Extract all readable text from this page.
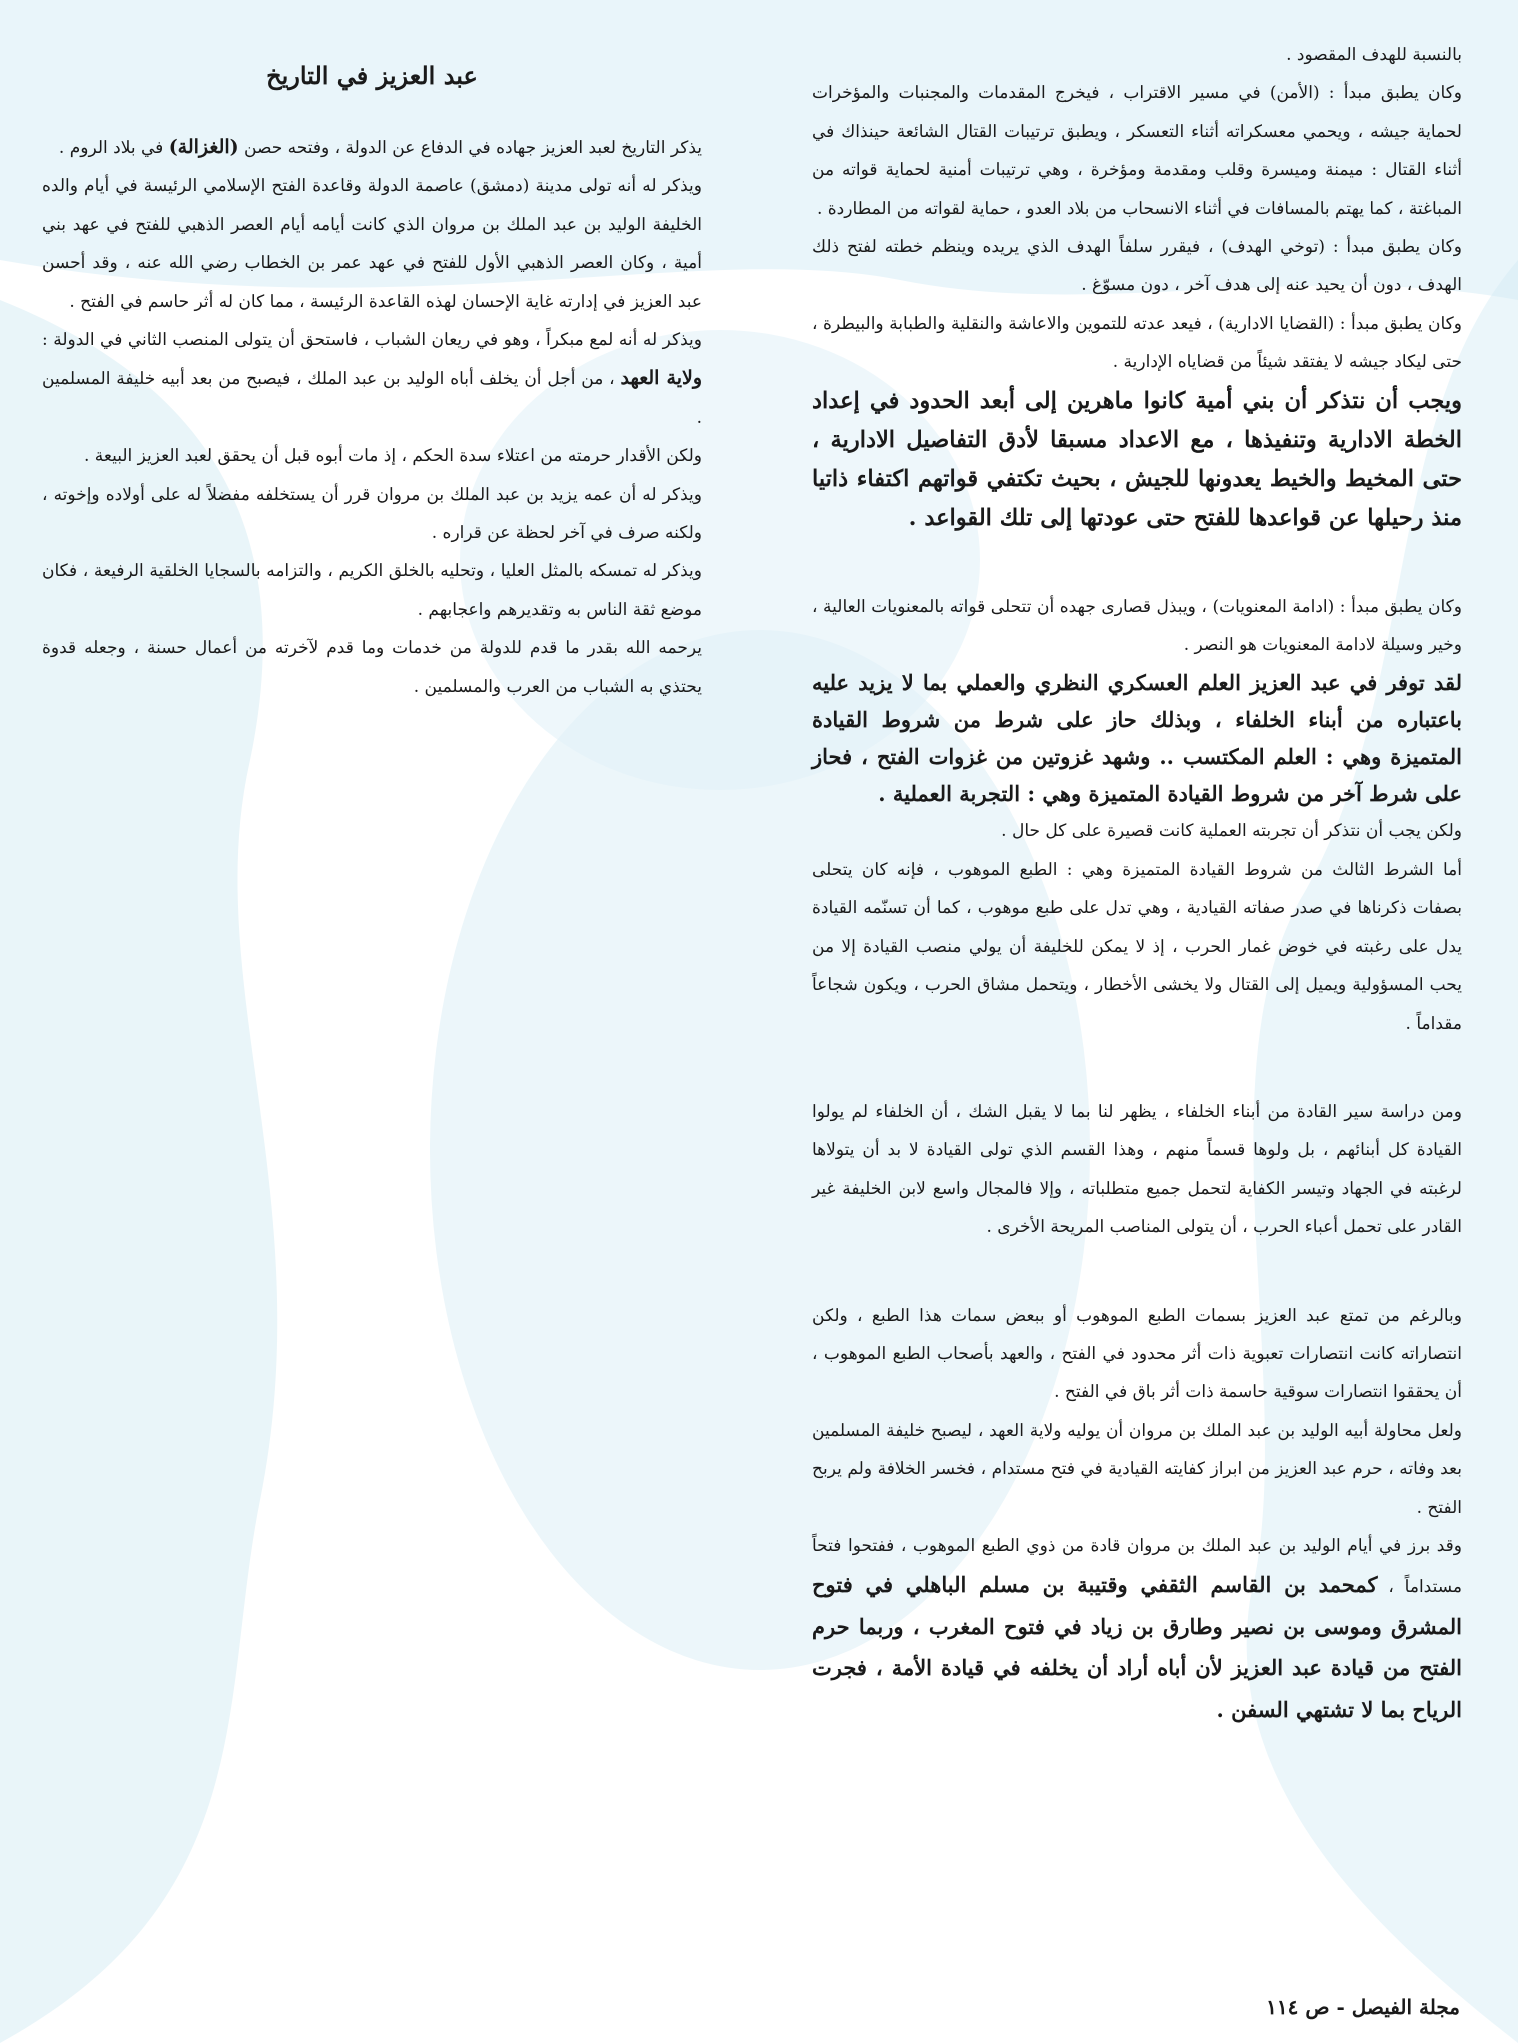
بالنسبة للهدف المقصود .

وكان يطبق مبدأ : (الأمن) في مسير الاقتراب ، فيخرج المقدمات والمجنبات والمؤخرات لحماية جيشه ، ويحمي معسكراته أثناء التعسكر ، ويطبق ترتيبات القتال الشائعة حينذاك في أثناء القتال : ميمنة وميسرة وقلب ومقدمة ومؤخرة ، وهي ترتيبات أمنية لحماية قواته من المباغتة ، كما يهتم بالمسافات في أثناء الانسحاب من بلاد العدو ، حماية لقواته من المطاردة .

وكان يطبق مبدأ : (توخي الهدف) ، فيقرر سلفاً الهدف الذي يريده وينظم خطته لفتح ذلك الهدف ، دون أن يحيد عنه إلى هدف آخر ، دون مسوّغ .

وكان يطبق مبدأ : (القضايا الادارية) ، فيعد عدته للتموين والاعاشة والنقلية والطبابة والبيطرة ، حتى ليكاد جيشه لا يفتقد شيئاً من قضاياه الإدارية .

ويجب أن نتذكر أن بني أمية كانوا ماهرين إلى أبعد الحدود في إعداد الخطة الادارية وتنفيذها ، مع الاعداد مسبقا لأدق التفاصيل الادارية ، حتى المخيط والخيط يعدونها للجيش ، بحيث تكتفي قواتهم اكتفاء ذاتيا منذ رحيلها عن قواعدها للفتح حتى عودتها إلى تلك القواعد .

وكان يطبق مبدأ : (ادامة المعنويات) ، ويبذل قصارى جهده أن تتحلى قواته بالمعنويات العالية ، وخير وسيلة لادامة المعنويات هو النصر .

لقد توفر في عبد العزيز العلم العسكري النظري والعملي بما لا يزيد عليه باعتباره من أبناء الخلفاء ، وبذلك حاز على شرط من شروط القيادة المتميزة وهي : العلم المكتسب .. وشهد غزوتين من غزوات الفتح ، فحاز على شرط آخر من شروط القيادة المتميزة وهي : التجربة العملية .

ولكن يجب أن نتذكر أن تجربته العملية كانت قصيرة على كل حال .

أما الشرط الثالث من شروط القيادة المتميزة وهي : الطبع الموهوب ، فإنه كان يتحلى بصفات ذكرناها في صدر صفاته القيادية ، وهي تدل على طبع موهوب ، كما أن تسنّمه القيادة يدل على رغبته في خوض غمار الحرب ، إذ لا يمكن للخليفة أن يولي منصب القيادة إلا من يحب المسؤولية ويميل إلى القتال ولا يخشى الأخطار ، ويتحمل مشاق الحرب ، ويكون شجاعاً مقداماً .

ومن دراسة سير القادة من أبناء الخلفاء ، يظهر لنا بما لا يقبل الشك ، أن الخلفاء لم يولوا القيادة كل أبنائهم ، بل ولوها قسماً منهم ، وهذا القسم الذي تولى القيادة لا بد أن يتولاها لرغبته في الجهاد وتيسر الكفاية لتحمل جميع متطلباته ، وإلا فالمجال واسع لابن الخليفة غير القادر على تحمل أعباء الحرب ، أن يتولى المناصب المريحة الأخرى .

وبالرغم من تمتع عبد العزيز بسمات الطبع الموهوب أو ببعض سمات هذا الطبع ، ولكن انتصاراته كانت انتصارات تعبوية ذات أثر محدود في الفتح ، والعهد بأصحاب الطبع الموهوب ، أن يحققوا انتصارات سوقية حاسمة ذات أثر باق في الفتح .

ولعل محاولة أبيه الوليد بن عبد الملك بن مروان أن يوليه ولاية العهد ، ليصبح خليفة المسلمين بعد وفاته ، حرم عبد العزيز من ابراز كفايته القيادية في فتح مستدام ، فخسر الخلافة ولم يربح الفتح .

وقد برز في أيام الوليد بن عبد الملك بن مروان قادة من ذوي الطبع الموهوب ، ففتحوا فتحاً مستداماً ، كمحمد بن القاسم الثقفي وقتيبة بن مسلم الباهلي في فتوح المشرق وموسى بن نصير وطارق بن زياد في فتوح المغرب ، وربما حرم الفتح من قيادة عبد العزيز لأن أباه أراد أن يخلفه في قيادة الأمة ، فجرت الرياح بما لا تشتهي السفن .

عبد العزيز في التاريخ

يذكر التاريخ لعبد العزيز جهاده في الدفاع عن الدولة ، وفتحه حصن (الغزالة) في بلاد الروم .

ويذكر له أنه تولى مدينة (دمشق) عاصمة الدولة وقاعدة الفتح الإسلامي الرئيسة في أيام والده الخليفة الوليد بن عبد الملك بن مروان الذي كانت أيامه أيام العصر الذهبي للفتح في عهد بني أمية ، وكان العصر الذهبي الأول للفتح في عهد عمر بن الخطاب رضي الله عنه ، وقد أحسن عبد العزيز في إدارته غاية الإحسان لهذه القاعدة الرئيسة ، مما كان له أثر حاسم في الفتح .

ويذكر له أنه لمع مبكراً ، وهو في ريعان الشباب ، فاستحق أن يتولى المنصب الثاني في الدولة : ولاية العهد ، من أجل أن يخلف أباه الوليد بن عبد الملك ، فيصبح من بعد أبيه خليفة المسلمين .

ولكن الأقدار حرمته من اعتلاء سدة الحكم ، إذ مات أبوه قبل أن يحقق لعبد العزيز البيعة .

ويذكر له أن عمه يزيد بن عبد الملك بن مروان قرر أن يستخلفه مفضلاً له على أولاده وإخوته ، ولكنه صرف في آخر لحظة عن قراره .

ويذكر له تمسكه بالمثل العليا ، وتحليه بالخلق الكريم ، والتزامه بالسجايا الخلقية الرفيعة ، فكان موضع ثقة الناس به وتقديرهم واعجابهم .

يرحمه الله بقدر ما قدم للدولة من خدمات وما قدم لآخرته من أعمال حسنة ، وجعله قدوة يحتذي به الشباب من العرب والمسلمين .

مجلة الفيصل - ص ١١٤
